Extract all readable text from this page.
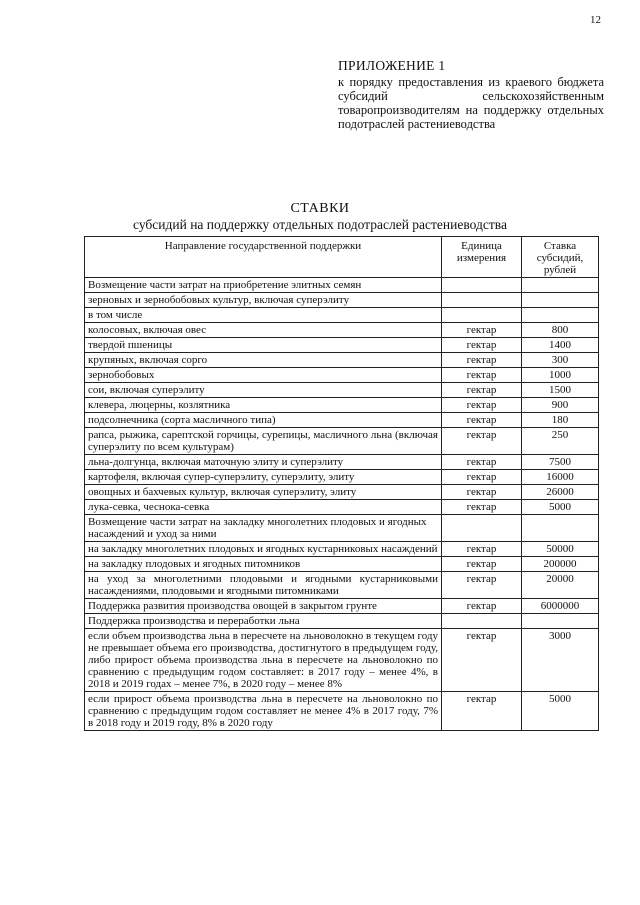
12
ПРИЛОЖЕНИЕ 1
к порядку предоставления из краевого бюджета субсидий сельскохозяйственным товаропроизводителям на поддержку отдельных подотраслей растениеводства
СТАВКИ
субсидий на поддержку отдельных подотраслей растениеводства
Направление государственной поддержки	Единица измерения	Ставка субсидий, рублей
Возмещение части затрат на приобретение элитных семян		
зерновых и зернобобовых культур, включая суперэлиту		
в том числе		
колосовых, включая овес	гектар	800
твердой пшеницы	гектар	1400
крупяных, включая сорго	гектар	300
зернобобовых	гектар	1000
сои, включая суперэлиту	гектар	1500
клевера, люцерны, козлятника	гектар	900
подсолнечника (сорта масличного типа)	гектар	180
рапса, рыжика, сарептской горчицы, сурепицы, масличного льна (включая суперэлиту по всем культурам)	гектар	250
льна-долгунца, включая маточную элиту и суперэлиту	гектар	7500
картофеля, включая супер-суперэлиту, суперэлиту, элиту	гектар	16000
овощных и бахчевых культур, включая суперэлиту, элиту	гектар	26000
лука-севка, чеснока-севка	гектар	5000
Возмещение части затрат на закладку многолетних плодовых и ягодных насаждений и уход за ними		
на закладку многолетних плодовых и ягодных кустарниковых насаждений	гектар	50000
на закладку плодовых и ягодных питомников	гектар	200000
на уход за многолетними плодовыми и ягодными кустарниковыми насаждениями, плодовыми и ягодными питомниками	гектар	20000
Поддержка развития производства овощей в закрытом грунте	гектар	6000000
Поддержка производства и переработки льна		
если объем производства льна в пересчете на льноволокно в текущем году не превышает объема его производства, достигнутого в предыдущем году, либо прирост объема производства льна в пересчете на льноволокно по сравнению с предыдущим годом составляет: в 2017 году – менее 4%, в 2018 и 2019 годах – менее 7%, в 2020 году – менее 8%	гектар	3000
если прирост объема производства льна в пересчете на льноволокно по сравнению с предыдущим годом составляет не менее 4% в 2017 году, 7% в 2018 году и 2019 году, 8% в 2020 году	гектар	5000
